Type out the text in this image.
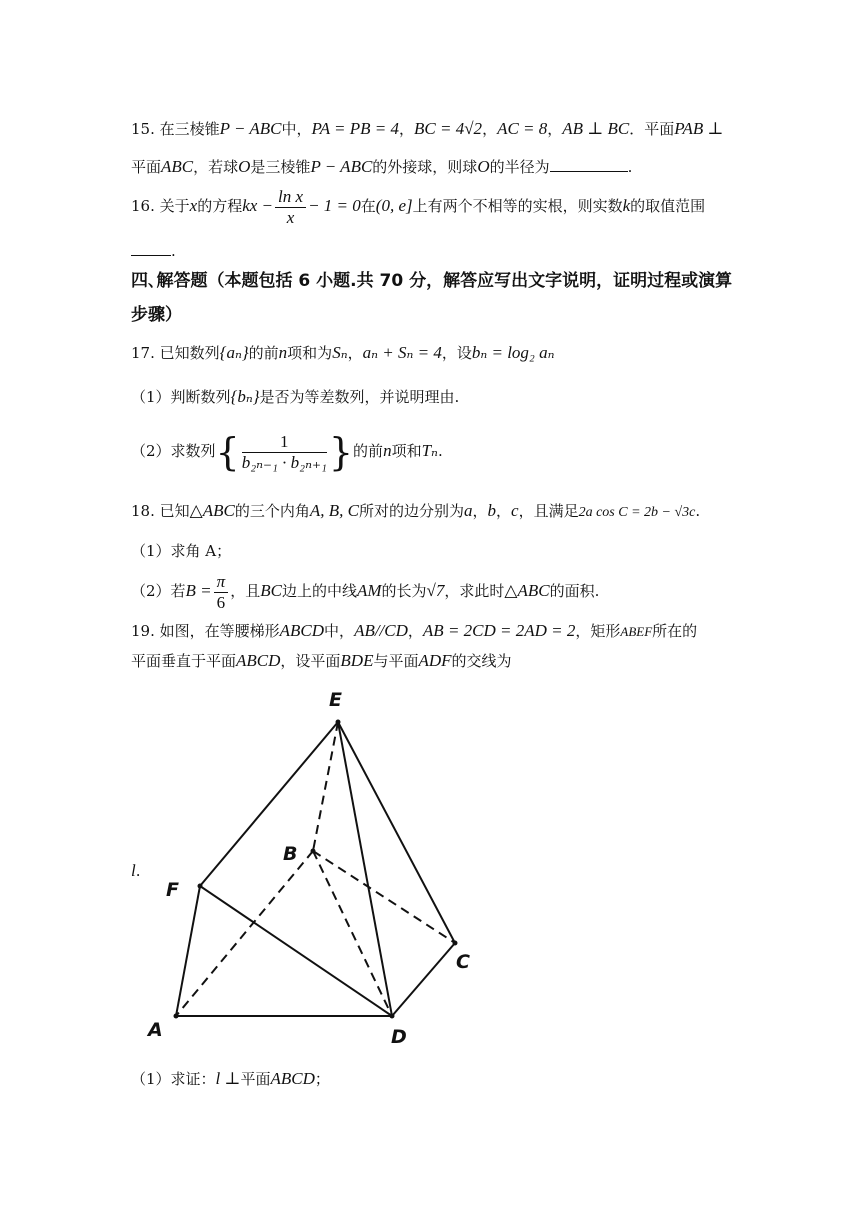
15. 在三棱锥P − ABC中，PA = PB = 4，BC = 4√2，AC = 8，AB ⊥ BC．平面PAB ⊥
平面ABC，若球O是三棱锥P − ABC的外接球，则球O的半径为	.
16. 关于x的方程kx − $\frac{\text{ln x}}{x} - 1 = 0$在(0, e]上有两个不相等的实根，则实数k的取值范围
.
四､解答题（本题包括 6 小题.共 70 分，解答应写出文字说明，证明过程或演算
步骤）
17. 已知数列{aₙ}的前n项和为Sₙ，aₙ + Sₙ = 4，设bₙ = log₂ aₙ
（1）判断数列{bₙ}是否为等差数列，并说明理由.
（2）求数列{ $\frac{1}{\text{b₂ₙ₋₁ · b₂ₙ₊₁}}$ }的前n项和Tₙ.
18. 已知△ABC的三个内角A, B, C所对的边分别为a，b，c，且满足2a cos C = 2b − √3c.
（1）求角 A；
（2）若$B = \frac{\pi}{6}$ ，且BC边上的中线AM的长为√7，求此时△ABC的面积.
19. 如图，在等腰梯形ABCD中，AB//CD，AB = 2CD = 2AD = 2，矩形ABEF所在的
平面垂直于平面ABCD，设平面BDE与平面ADF的交线为
E
B
F
C
A	D
l.
（1）求证：l ⊥平面ABCD；
